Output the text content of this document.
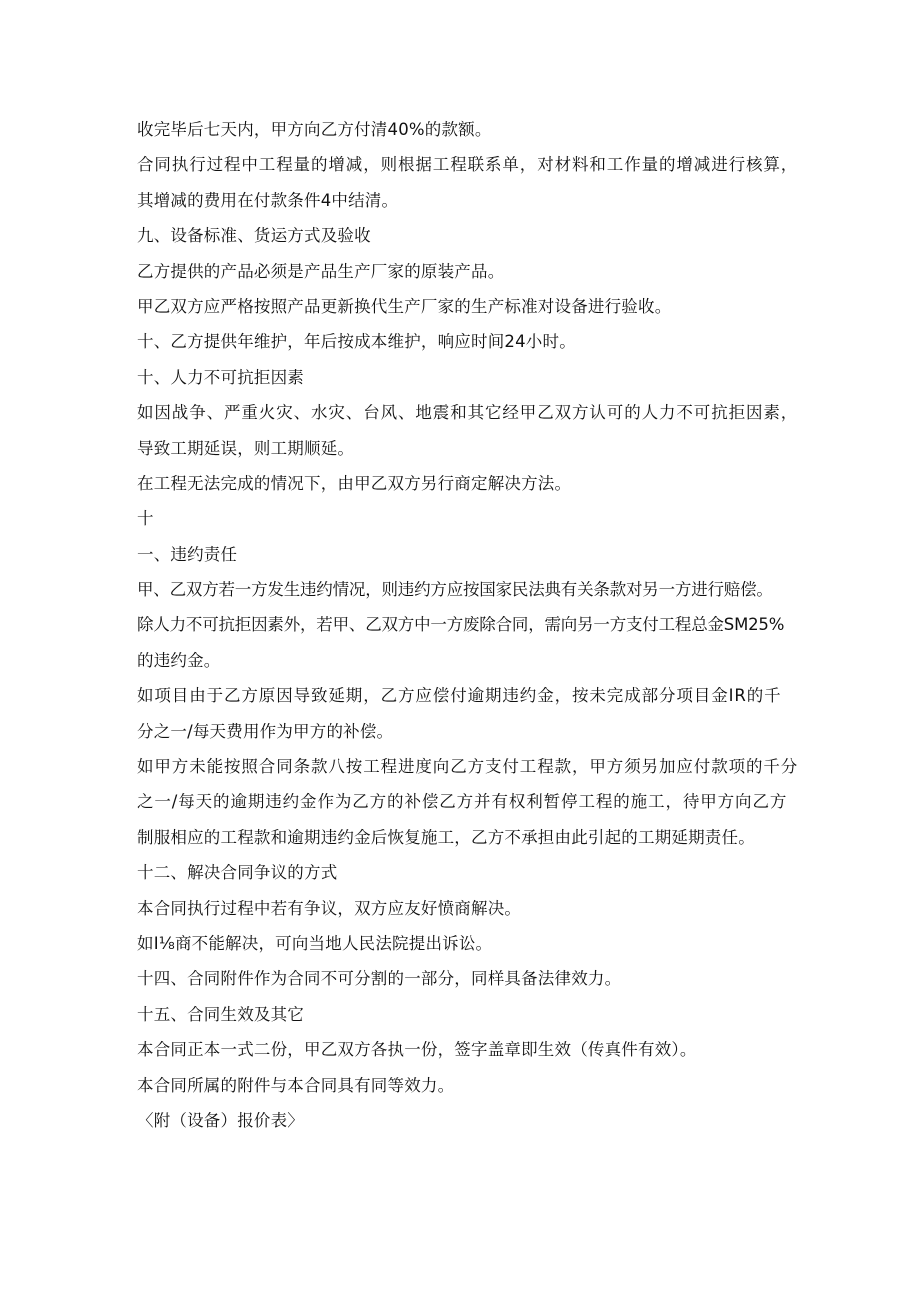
收完毕后七天内，甲方向乙方付清40%的款额。
合同执行过程中工程量的增减，则根据工程联系单，对材料和工作量的增减进行核算，
其增减的费用在付款条件4中结清。
九、设备标准、货运方式及验收
乙方提供的产品必须是产品生产厂家的原装产品。
甲乙双方应严格按照产品更新换代生产厂家的生产标准对设备进行验收。
十、乙方提供年维护，年后按成本维护，响应时间24小时。
十、人力不可抗拒因素
如因战争、严重火灾、水灾、台风、地震和其它经甲乙双方认可的人力不可抗拒因素，
导致工期延误，则工期顺延。
在工程无法完成的情况下，由甲乙双方另行商定解决方法。
十
一、违约责任
甲、乙双方若一方发生违约情况，则违约方应按国家民法典有关条款对另一方进行赔偿。
除人力不可抗拒因素外，若甲、乙双方中一方废除合同，需向另一方支付工程总金SM25%
的违约金。
如项目由于乙方原因导致延期，乙方应偿付逾期违约金，按未完成部分项目金IR的千
分之一/每天费用作为甲方的补偿。
如甲方未能按照合同条款八按工程进度向乙方支付工程款，甲方须另加应付款项的千分
之一/每天的逾期违约金作为乙方的补偿乙方并有权利暂停工程的施工，待甲方向乙方
制服相应的工程款和逾期违约金后恢复施工，乙方不承担由此引起的工期延期责任。
十二、解决合同争议的方式
本合同执行过程中若有争议，双方应友好愤商解决。
如I⅛商不能解决，可向当地人民法院提出诉讼。
十四、合同附件作为合同不可分割的一部分，同样具备法律效力。
十五、合同生效及其它
本合同正本一式二份，甲乙双方各执一份，签字盖章即生效（传真件有效）。
本合同所属的附件与本合同具有同等效力。
〈附（设备）报价表〉
